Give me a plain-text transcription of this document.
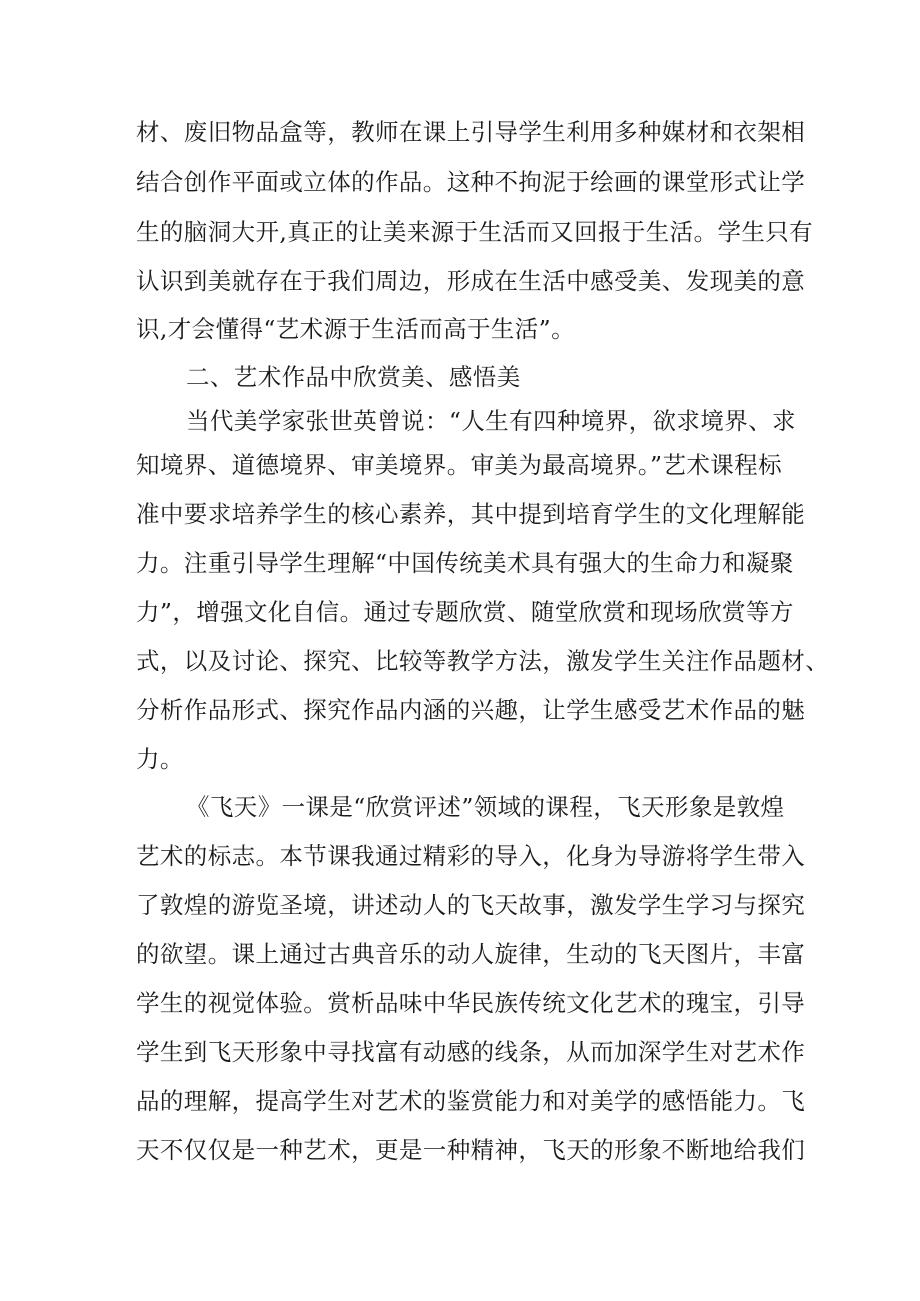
材、废旧物品盒等，教师在课上引导学生利用多种媒材和衣架相

结合创作平面或立体的作品。这种不拘泥于绘画的课堂形式让学

生的脑洞大开,真正的让美来源于生活而又回报于生活。学生只有

认识到美就存在于我们周边，形成在生活中感受美、发现美的意

识,才会懂得“艺术源于生活而高于生活”。

二、艺术作品中欣赏美、感悟美

当代美学家张世英曾说：“人生有四种境界，欲求境界、求

知境界、道德境界、审美境界。审美为最高境界。”艺术课程标

准中要求培养学生的核心素养，其中提到培育学生的文化理解能

力。注重引导学生理解“中国传统美术具有强大的生命力和凝聚

力”，增强文化自信。通过专题欣赏、随堂欣赏和现场欣赏等方

式，以及讨论、探究、比较等教学方法，激发学生关注作品题材、

分析作品形式、探究作品内涵的兴趣，让学生感受艺术作品的魅

力。

《飞天》一课是“欣赏评述”领域的课程，飞天形象是敦煌

艺术的标志。本节课我通过精彩的导入，化身为导游将学生带入

了敦煌的游览圣境，讲述动人的飞天故事，激发学生学习与探究

的欲望。课上通过古典音乐的动人旋律，生动的飞天图片，丰富

学生的视觉体验。赏析品味中华民族传统文化艺术的瑰宝，引导

学生到飞天形象中寻找富有动感的线条，从而加深学生对艺术作

品的理解，提高学生对艺术的鉴赏能力和对美学的感悟能力。飞

天不仅仅是一种艺术，更是一种精神，飞天的形象不断地给我们
